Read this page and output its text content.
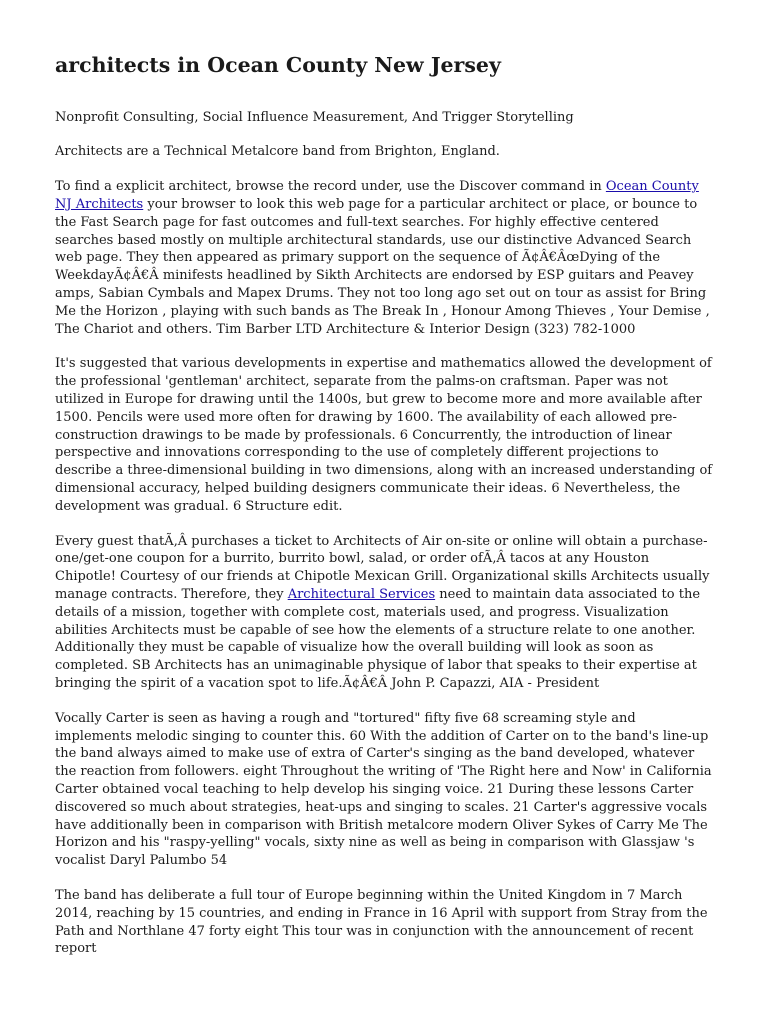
architects in Ocean County New Jersey

Nonprofit Consulting, Social Influence Measurement, And Trigger Storytelling

Architects are a Technical Metalcore band from Brighton, England.

To find a explicit architect, browse the record under, use the Discover command in Ocean County NJ Architects your browser to look this web page for a particular architect or place, or bounce to the Fast Search page for fast outcomes and full-text searches. For highly effective centered searches based mostly on multiple architectural standards, use our distinctive Advanced Search web page. They then appeared as primary support on the sequence of Ã¢Â€ÂœDying of the WeekdayÃ¢Â€Â minifests headlined by Sikth Architects are endorsed by ESP guitars and Peavey amps, Sabian Cymbals and Mapex Drums. They not too long ago set out on tour as assist for Bring Me the Horizon , playing with such bands as The Break In , Honour Among Thieves , Your Demise , The Chariot and others. Tim Barber LTD Architecture & Interior Design (323) 782-1000

It's suggested that various developments in expertise and mathematics allowed the development of the professional 'gentleman' architect, separate from the palms-on craftsman. Paper was not utilized in Europe for drawing until the 1400s, but grew to become more and more available after 1500. Pencils were used more often for drawing by 1600. The availability of each allowed pre-construction drawings to be made by professionals. 6 Concurrently, the introduction of linear perspective and innovations corresponding to the use of completely different projections to describe a three-dimensional building in two dimensions, along with an increased understanding of dimensional accuracy, helped building designers communicate their ideas. 6 Nevertheless, the development was gradual. 6 Structure edit.

Every guest thatÃ‚Â purchases a ticket to Architects of Air on-site or online will obtain a purchase-one/get-one coupon for a burrito, burrito bowl, salad, or order ofÃ‚Â tacos at any Houston Chipotle! Courtesy of our friends at Chipotle Mexican Grill. Organizational skills Architects usually manage contracts. Therefore, they Architectural Services need to maintain data associated to the details of a mission, together with complete cost, materials used, and progress. Visualization abilities Architects must be capable of see how the elements of a structure relate to one another. Additionally they must be capable of visualize how the overall building will look as soon as completed. SB Architects has an unimaginable physique of labor that speaks to their expertise at bringing the spirit of a vacation spot to life.Ã¢Â€Â John P. Capazzi, AIA - President

Vocally Carter is seen as having a rough and "tortured" fifty five 68 screaming style and implements melodic singing to counter this. 60 With the addition of Carter on to the band's line-up the band always aimed to make use of extra of Carter's singing as the band developed, whatever the reaction from followers. eight Throughout the writing of 'The Right here and Now' in California Carter obtained vocal teaching to help develop his singing voice. 21 During these lessons Carter discovered so much about strategies, heat-ups and singing to scales. 21 Carter's aggressive vocals have additionally been in comparison with British metalcore modern Oliver Sykes of Carry Me The Horizon and his "raspy-yelling" vocals, sixty nine as well as being in comparison with Glassjaw 's vocalist Daryl Palumbo 54

The band has deliberate a full tour of Europe beginning within the United Kingdom in 7 March 2014, reaching by 15 countries, and ending in France in 16 April with support from Stray from the Path and Northlane 47 forty eight This tour was in conjunction with the announcement of recent report
